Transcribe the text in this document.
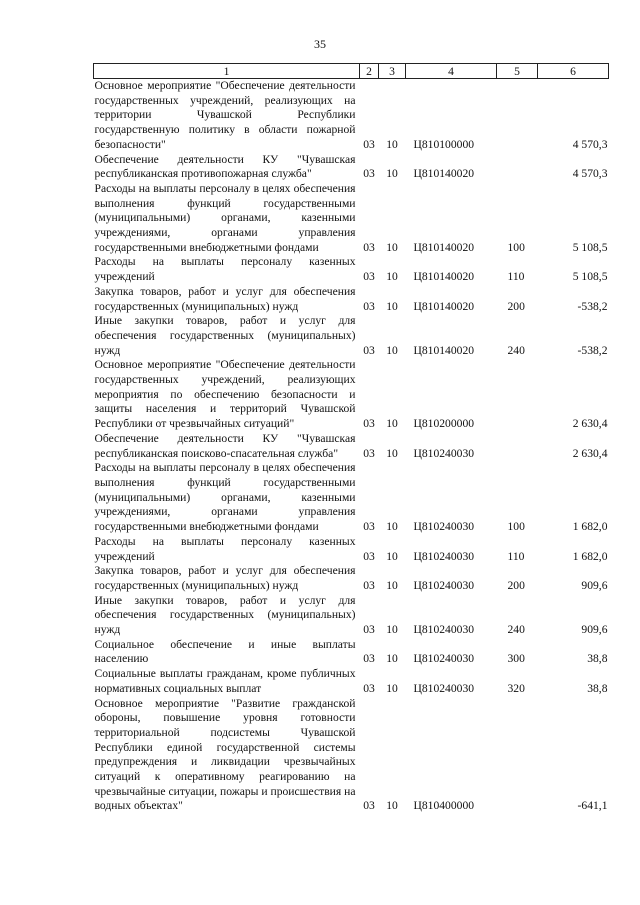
35
1	2	3	4	5	6
Основное мероприятие "Обеспечение деятельности государственных учреждений, реализующих на территории Чувашской Республики государственную политику в области пожарной безопасности"	03	10	Ц810100000		4 570,3
Обеспечение деятельности КУ "Чувашская республиканская противопожарная служба"	03	10	Ц810140020		4 570,3
Расходы на выплаты персоналу в целях обеспечения выполнения функций государственными (муниципальными) органами, казенными учреждениями, органами управления государственными внебюджетными фондами	03	10	Ц810140020	100	5 108,5
Расходы на выплаты персоналу казенных учреждений	03	10	Ц810140020	110	5 108,5
Закупка товаров, работ и услуг для обеспечения государственных (муниципальных) нужд	03	10	Ц810140020	200	-538,2
Иные закупки товаров, работ и услуг для обеспечения государственных (муниципальных) нужд	03	10	Ц810140020	240	-538,2
Основное мероприятие "Обеспечение деятельности государственных учреждений, реализующих мероприятия по обеспечению безопасности и защиты населения и территорий Чувашской Республики от чрезвычайных ситуаций"	03	10	Ц810200000		2 630,4
Обеспечение деятельности КУ "Чувашская республиканская поисково-спасательная служба"	03	10	Ц810240030		2 630,4
Расходы на выплаты персоналу в целях обеспечения выполнения функций государственными (муниципальными) органами, казенными учреждениями, органами управления государственными внебюджетными фондами	03	10	Ц810240030	100	1 682,0
Расходы на выплаты персоналу казенных учреждений	03	10	Ц810240030	110	1 682,0
Закупка товаров, работ и услуг для обеспечения государственных (муниципальных) нужд	03	10	Ц810240030	200	909,6
Иные закупки товаров, работ и услуг для обеспечения государственных (муниципальных) нужд	03	10	Ц810240030	240	909,6
Социальное обеспечение и иные выплаты населению	03	10	Ц810240030	300	38,8
Социальные выплаты гражданам, кроме публичных нормативных социальных выплат	03	10	Ц810240030	320	38,8
Основное мероприятие "Развитие гражданской обороны, повышение уровня готовности территориальной подсистемы Чувашской Республики единой государственной системы предупреждения и ликвидации чрезвычайных ситуаций к оперативному реагированию на чрезвычайные ситуации, пожары и происшествия на водных объектах"	03	10	Ц810400000		-641,1
